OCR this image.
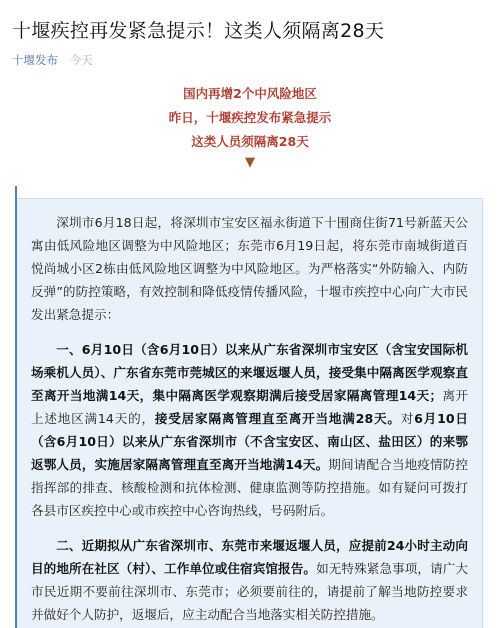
十堰疾控再发紧急提示！这类人须隔离28天
十堰发布 今天
国内再增2个中风险地区
昨日，十堰疾控发布紧急提示
这类人员须隔离28天
▼

深圳市6月18日起，将深圳市宝安区福永街道下十围商住街71号新蓝天公寓由低风险地区调整为中风险地区；东莞市6月19日起，将东莞市南城街道百悦尚城小区2栋由低风险地区调整为中风险地区。为严格落实“外防输入、内防反弹”的防控策略，有效控制和降低疫情传播风险，十堰市疾控中心向广大市民发出紧急提示：

一、6月10日（含6月10日）以来从广东省深圳市宝安区（含宝安国际机场乘机人员）、广东省东莞市莞城区的来堰返堰人员，接受集中隔离医学观察直至离开当地满14天，集中隔离医学观察期满后接受居家隔离管理14天；离开上述地区满14天的，接受居家隔离管理直至离开当地满28天。对6月10日（含6月10日）以来从广东省深圳市（不含宝安区、南山区、盐田区）的来鄂返鄂人员，实施居家隔离管理直至离开当地满14天。期间请配合当地疫情防控指挥部的排查、核酸检测和抗体检测、健康监测等防控措施。如有疑问可拨打各县市区疾控中心或市疾控中心咨询热线，号码附后。

二、近期拟从广东省深圳市、东莞市来堰返堰人员，应提前24小时主动向目的地所在社区（村）、工作单位或住宿宾馆报告。如无特殊紧急事项，请广大市民近期不要前往深圳市、东莞市；必须要前往的，请提前了解当地防控要求并做好个人防护，返堰后，应主动配合当地落实相关防控措施。
